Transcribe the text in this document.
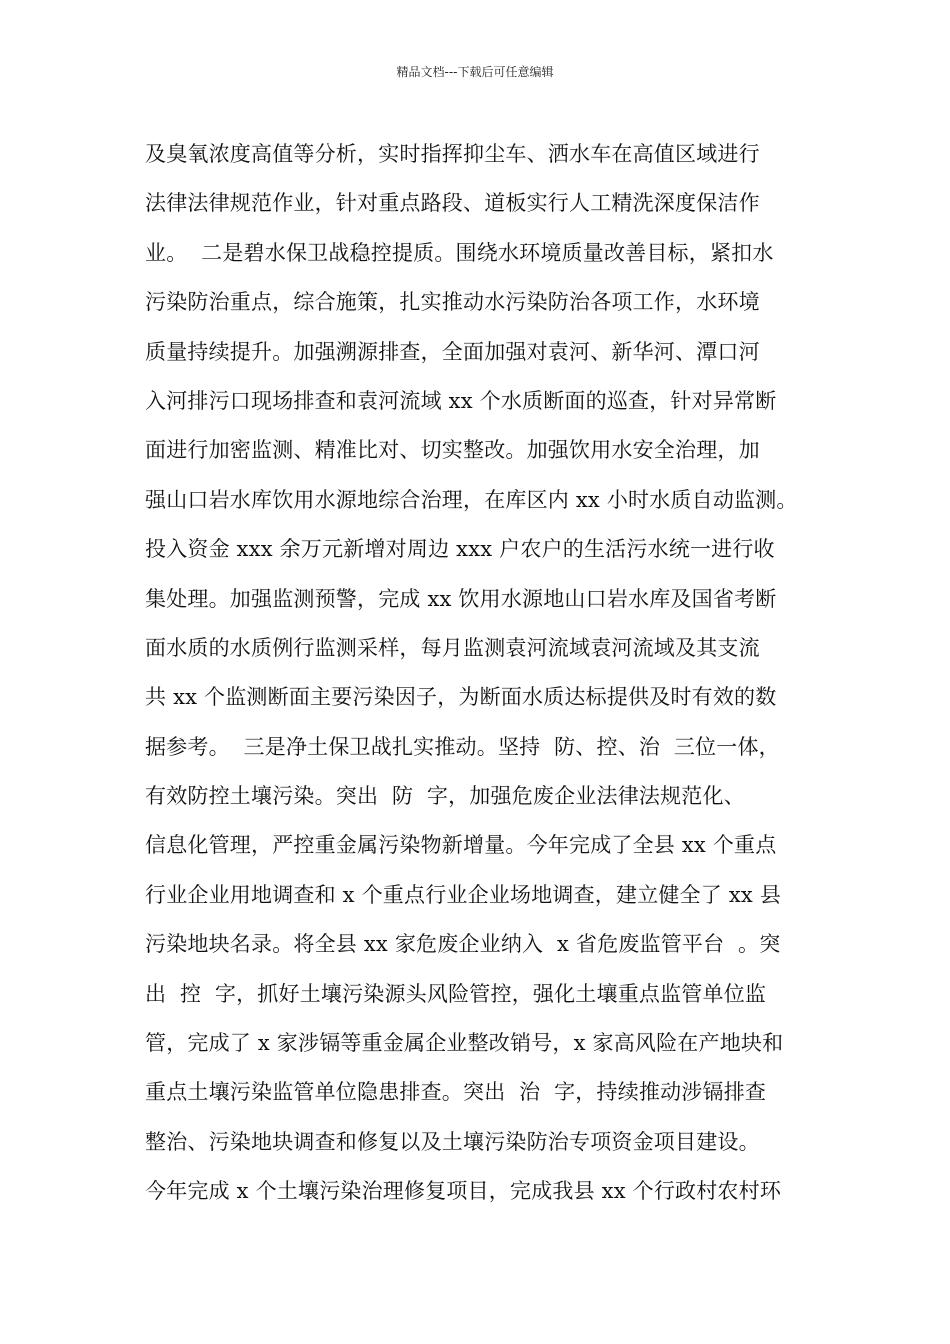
精品文档---下载后可任意编辑
及臭氧浓度高值等分析，实时指挥抑尘车、洒水车在高值区域进行
法律法律规范作业，针对重点路段、道板实行人工精洗深度保洁作
业。  二是碧水保卫战稳控提质。围绕水环境质量改善目标，紧扣水
污染防治重点，综合施策，扎实推动水污染防治各项工作，水环境
质量持续提升。加强溯源排查，全面加强对袁河、新华河、潭口河
入河排污口现场排查和袁河流域 xx 个水质断面的巡查，针对异常断
面进行加密监测、精准比对、切实整改。加强饮用水安全治理，加
强山口岩水库饮用水源地综合治理，在库区内 xx 小时水质自动监测。
投入资金 xxx 余万元新增对周边 xxx 户农户的生活污水统一进行收
集处理。加强监测预警，完成 xx 饮用水源地山口岩水库及国省考断
面水质的水质例行监测采样，每月监测袁河流域袁河流域及其支流
共 xx 个监测断面主要污染因子，为断面水质达标提供及时有效的数
据参考。  三是净土保卫战扎实推动。坚持  防、控、治  三位一体，
有效防控土壤污染。突出  防  字，加强危废企业法律法规范化、
信息化管理，严控重金属污染物新增量。今年完成了全县 xx 个重点
行业企业用地调查和 x 个重点行业企业场地调查，建立健全了 xx 县
污染地块名录。将全县 xx 家危废企业纳入  x 省危废监管平台  。突
出  控  字，抓好土壤污染源头风险管控，强化土壤重点监管单位监
管，完成了 x 家涉镉等重金属企业整改销号，x 家高风险在产地块和
重点土壤污染监管单位隐患排查。突出  治  字，持续推动涉镉排查
整治、污染地块调查和修复以及土壤污染防治专项资金项目建设。
今年完成 x 个土壤污染治理修复项目，完成我县 xx 个行政村农村环
